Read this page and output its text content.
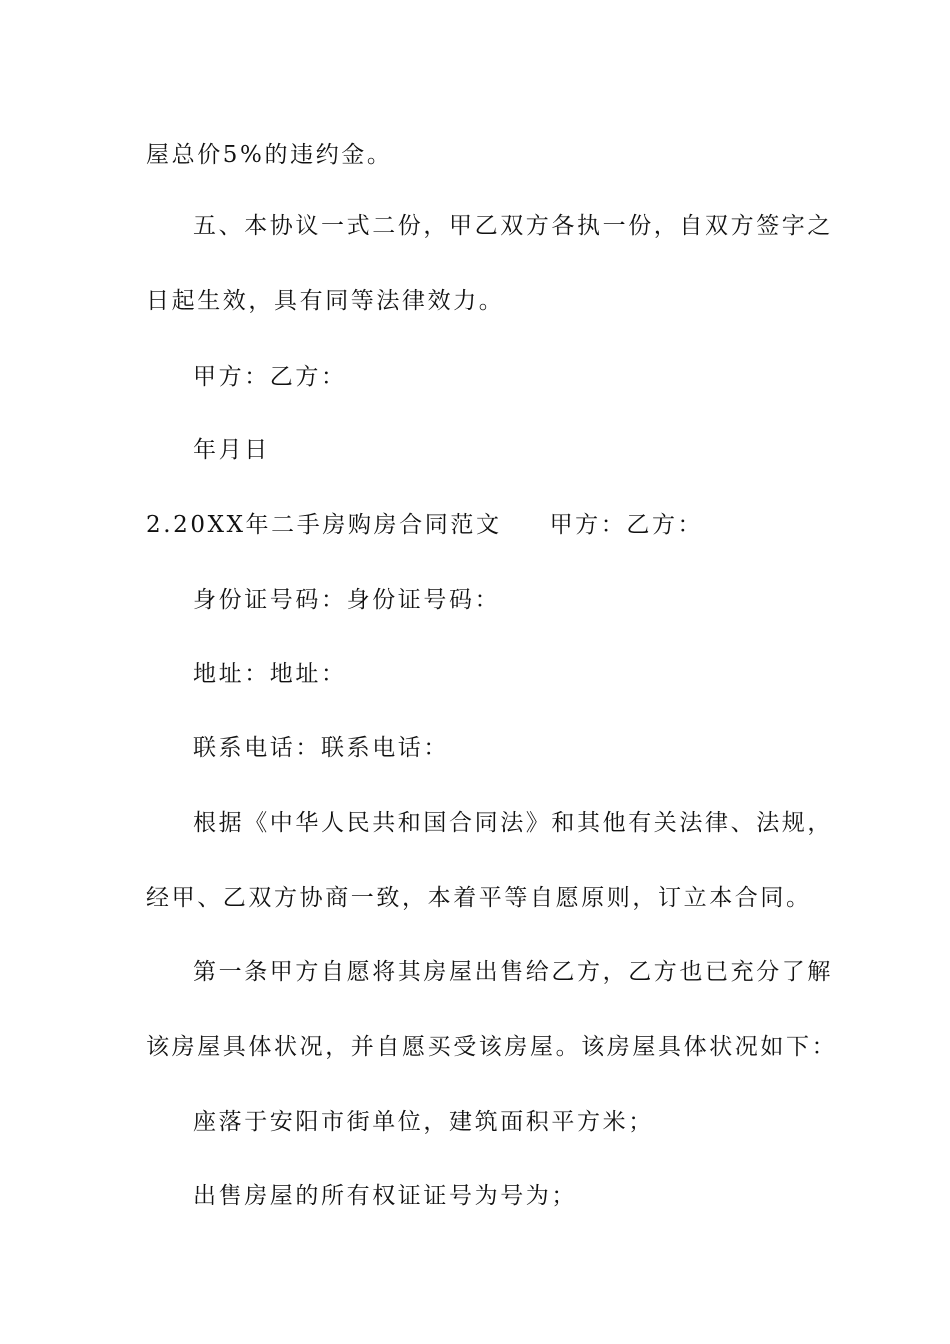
屋总价5%的违约金。
五、本协议一式二份，甲乙双方各执一份，自双方签字之
日起生效，具有同等法律效力。
甲方：乙方：
年月日
2.20XX年二手房购房合同范文 甲方：乙方：
身份证号码：身份证号码：
地址：地址：
联系电话：联系电话：
根据《中华人民共和国合同法》和其他有关法律、法规，
经甲、乙双方协商一致，本着平等自愿原则，订立本合同。
第一条甲方自愿将其房屋出售给乙方，乙方也已充分了解
该房屋具体状况，并自愿买受该房屋。该房屋具体状况如下：
座落于安阳市街单位，建筑面积平方米；
出售房屋的所有权证证号为号为；
